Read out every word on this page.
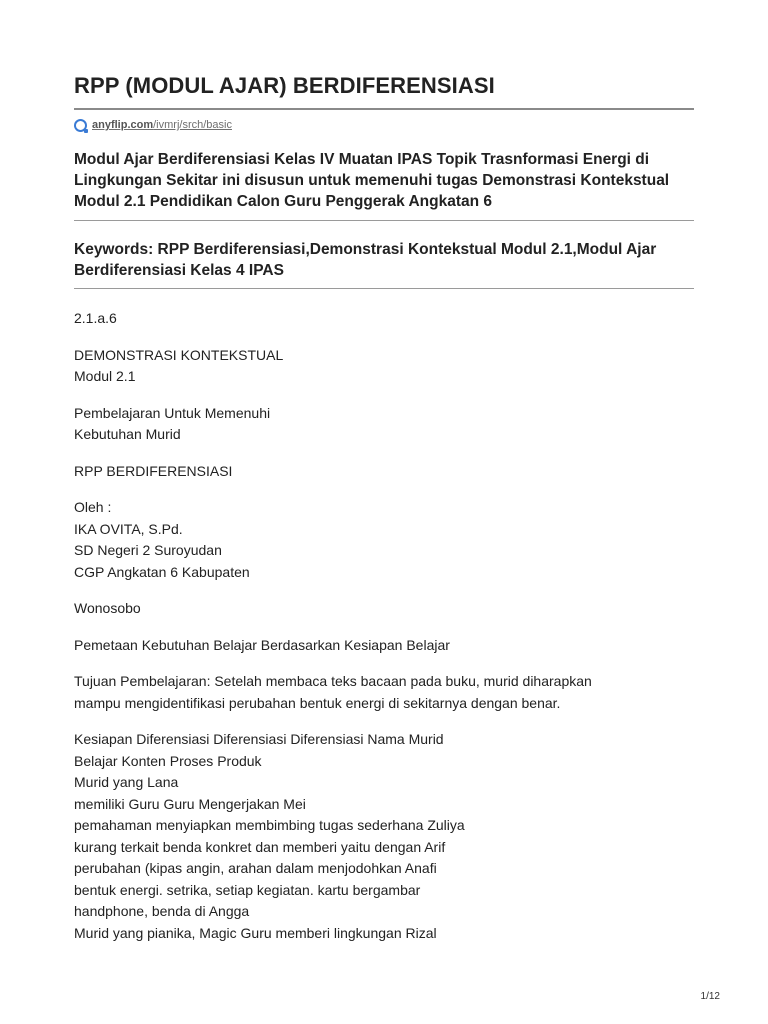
RPP (MODUL AJAR) BERDIFERENSIASI
anyflip.com/ivmrj/srch/basic
Modul Ajar Berdiferensiasi Kelas IV Muatan IPAS Topik Trasnformasi Energi di Lingkungan Sekitar ini disusun untuk memenuhi tugas Demonstrasi Kontekstual Modul 2.1 Pendidikan Calon Guru Penggerak Angkatan 6
Keywords: RPP Berdiferensiasi,Demonstrasi Kontekstual Modul 2.1,Modul Ajar Berdiferensiasi Kelas 4 IPAS

2.1.a.6

DEMONSTRASI KONTEKSTUAL
Modul 2.1

Pembelajaran Untuk Memenuhi
Kebutuhan Murid

RPP BERDIFERENSIASI

Oleh :
IKA OVITA, S.Pd.
SD Negeri 2 Suroyudan
CGP Angkatan 6 Kabupaten

Wonosobo

Pemetaan Kebutuhan Belajar Berdasarkan Kesiapan Belajar

Tujuan Pembelajaran: Setelah membaca teks bacaan pada buku, murid diharapkan
mampu mengidentifikasi perubahan bentuk energi di sekitarnya dengan benar.

Kesiapan Diferensiasi Diferensiasi Diferensiasi Nama Murid
Belajar Konten Proses Produk
Murid yang Lana
memiliki Guru Guru Mengerjakan Mei
pemahaman menyiapkan membimbing tugas sederhana Zuliya
kurang terkait benda konkret dan memberi yaitu dengan Arif
perubahan (kipas angin, arahan dalam menjodohkan Anafi
bentuk energi. setrika, setiap kegiatan. kartu bergambar
handphone, benda di Angga
Murid yang pianika, Magic Guru memberi lingkungan Rizal

1/12
